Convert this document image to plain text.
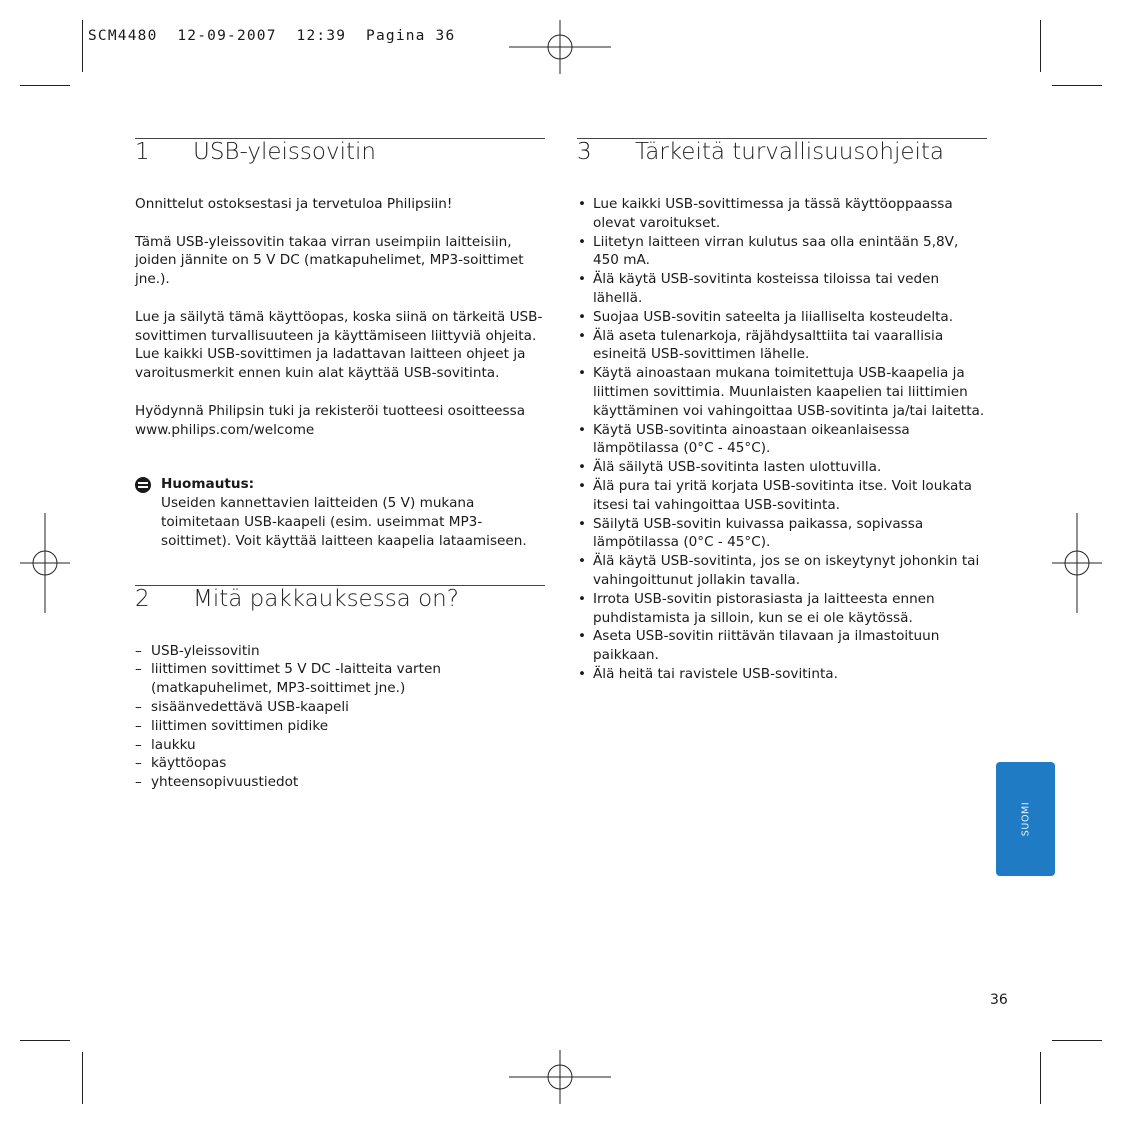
SCM4480  12-09-2007  12:39  Pagina 36
1	USB-yleissovitin

Onnittelut ostoksestasi ja tervetuloa Philipsiin!

Tämä USB-yleissovitin takaa virran useimpiin laitteisiin, joiden jännite on 5 V DC (matkapuhelimet, MP3-soittimet jne.).

Lue ja säilytä tämä käyttöopas, koska siinä on tärkeitä USB-sovittimen turvallisuuteen ja käyttämiseen liittyviä ohjeita. Lue kaikki USB-sovittimen ja ladattavan laitteen ohjeet ja varoitusmerkit ennen kuin alat käyttää USB-sovitinta.

Hyödynnä Philipsin tuki ja rekisteröi tuotteesi osoitteessa www.philips.com/welcome

Huomautus:
Useiden kannettavien laitteiden (5 V) mukana toimitetaan USB-kaapeli (esim. useimmat MP3-soittimet). Voit käyttää laitteen kaapelia lataamiseen.
2	Mitä pakkauksessa on?
– USB-yleissovitin
– liittimen sovittimet 5 V DC -laitteita varten (matkapuhelimet, MP3-soittimet jne.)
– sisäänvedettävä USB-kaapeli
– liittimen sovittimen pidike
– laukku
– käyttöopas
– yhteensopivuustiedot
3	Tärkeitä turvallisuusohjeita
• Lue kaikki USB-sovittimessa ja tässä käyttöoppaassa olevat varoitukset.
• Liitetyn laitteen virran kulutus saa olla enintään 5,8V, 450 mA.
• Älä käytä USB-sovitinta kosteissa tiloissa tai veden lähellä.
• Suojaa USB-sovitin sateelta ja liialliselta kosteudelta.
• Älä aseta tulenarkoja, räjähdysalttiita tai vaarallisia esineitä USB-sovittimen lähelle.
• Käytä ainoastaan mukana toimitettuja USB-kaapelia ja liittimen sovittimia. Muunlaisten kaapelien tai liittimien käyttäminen voi vahingoittaa USB-sovitinta ja/tai laitetta.
• Käytä USB-sovitinta ainoastaan oikeanlaisessa lämpötilassa (0°C - 45°C).
• Älä säilytä USB-sovitinta lasten ulottuvilla.
• Älä pura tai yritä korjata USB-sovitinta itse. Voit loukata itsesi tai vahingoittaa USB-sovitinta.
• Säilytä USB-sovitin kuivassa paikassa, sopivassa lämpötilassa (0°C - 45°C).
• Älä käytä USB-sovitinta, jos se on iskeytynyt johonkin tai vahingoittunut jollakin tavalla.
• Irrota USB-sovitin pistorasiasta ja laitteesta ennen puhdistamista ja silloin, kun se ei ole käytössä.
• Aseta USB-sovitin riittävän tilavaan ja ilmastoituun paikkaan.
• Älä heitä tai ravistele USB-sovitinta.
SUOMI
36
